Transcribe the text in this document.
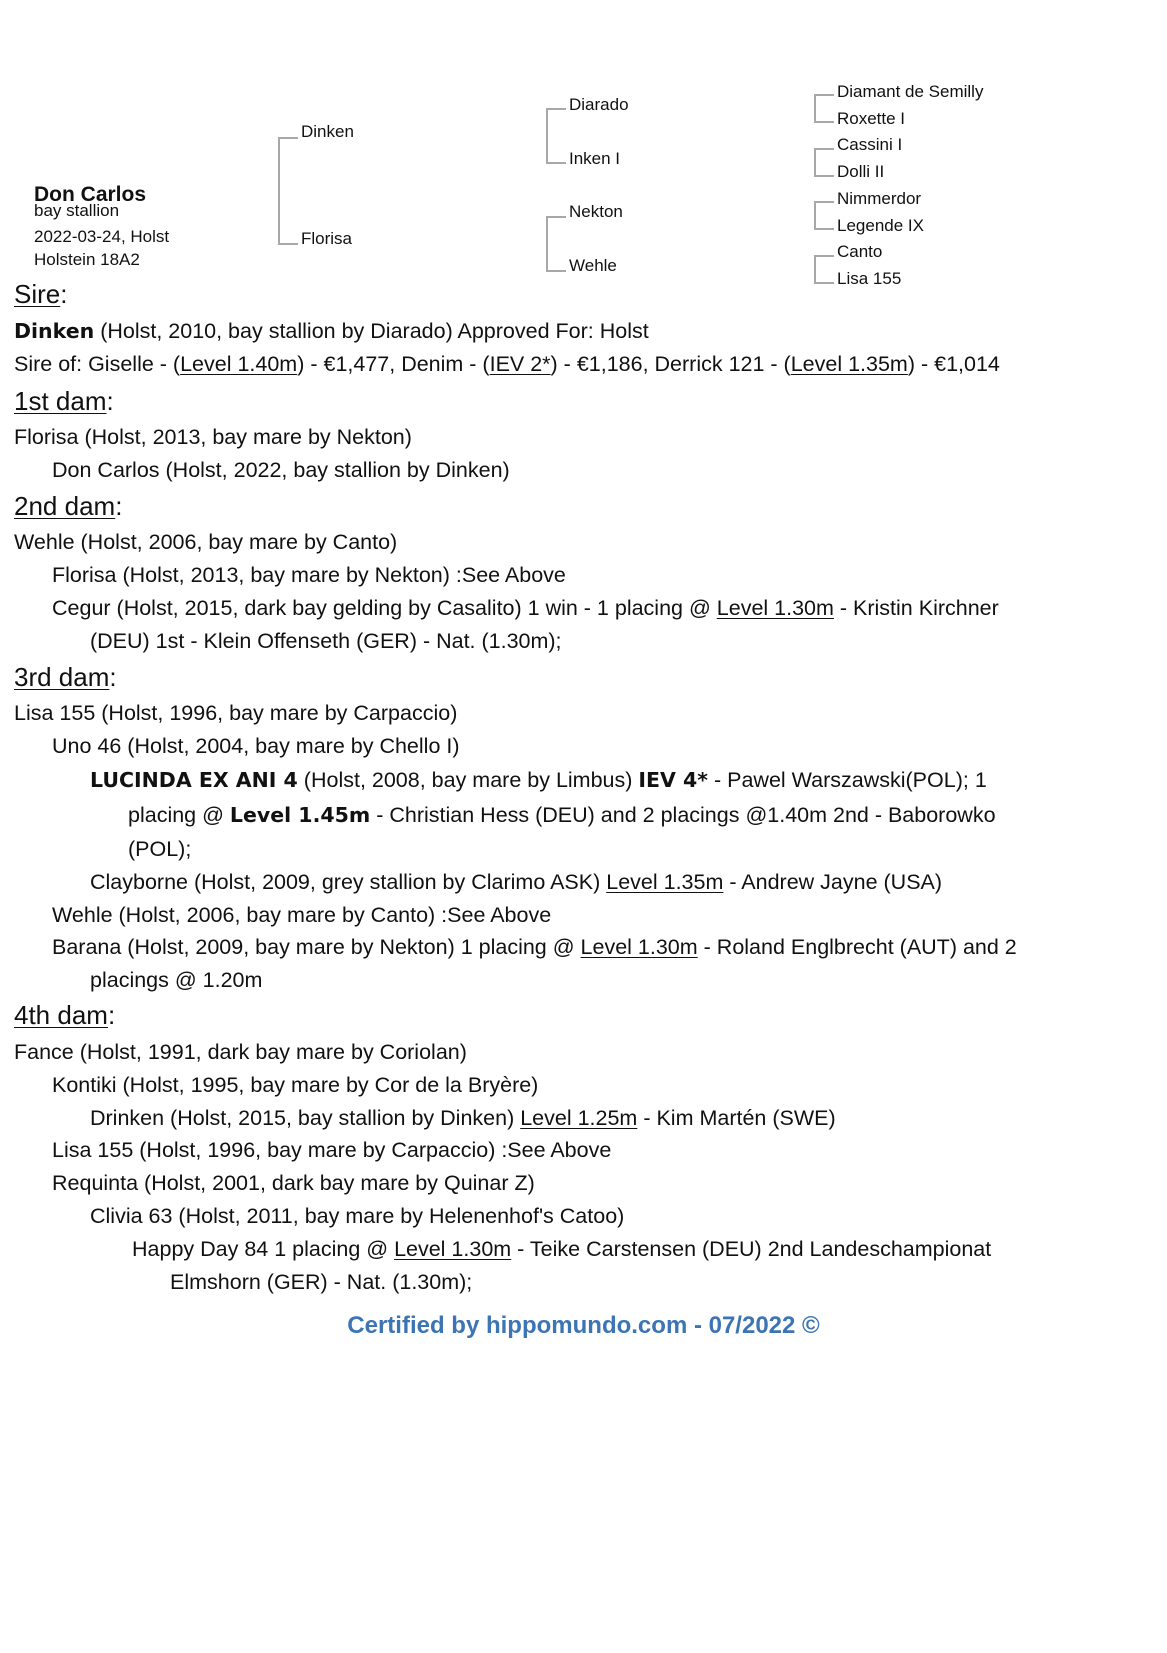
Don Carlos
bay stallion
2022-03-24, Holst
Holstein 18A2
Dinken
Florisa
Diarado
Inken I
Nekton
Wehle
Diamant de Semilly
Roxette I
Cassini I
Dolli II
Nimmerdor
Legende IX
Canto
Lisa 155
Sire:
Dinken (Holst, 2010, bay stallion by Diarado) Approved For: Holst
Sire of: Giselle - (Level 1.40m) - €1,477, Denim - (IEV 2*) - €1,186, Derrick 121 - (Level 1.35m) - €1,014
1st dam:
Florisa (Holst, 2013, bay mare by Nekton)
Don Carlos (Holst, 2022, bay stallion by Dinken)
2nd dam:
Wehle (Holst, 2006, bay mare by Canto)
Florisa (Holst, 2013, bay mare by Nekton) :See Above
Cegur (Holst, 2015, dark bay gelding by Casalito) 1 win - 1 placing @ Level 1.30m - Kristin Kirchner
(DEU) 1st - Klein Offenseth (GER) - Nat. (1.30m);
3rd dam:
Lisa 155 (Holst, 1996, bay mare by Carpaccio)
Uno 46 (Holst, 2004, bay mare by Chello I)
LUCINDA EX ANI 4 (Holst, 2008, bay mare by Limbus) IEV 4* - Pawel Warszawski(POL); 1
placing @ Level 1.45m - Christian Hess (DEU) and 2 placings @1.40m 2nd - Baborowko
(POL);
Clayborne (Holst, 2009, grey stallion by Clarimo ASK) Level 1.35m - Andrew Jayne (USA)
Wehle (Holst, 2006, bay mare by Canto) :See Above
Barana (Holst, 2009, bay mare by Nekton) 1 placing @ Level 1.30m - Roland Englbrecht (AUT) and 2
placings @ 1.20m
4th dam:
Fance (Holst, 1991, dark bay mare by Coriolan)
Kontiki (Holst, 1995, bay mare by Cor de la Bryère)
Drinken (Holst, 2015, bay stallion by Dinken) Level 1.25m - Kim Martén (SWE)
Lisa 155 (Holst, 1996, bay mare by Carpaccio) :See Above
Requinta (Holst, 2001, dark bay mare by Quinar Z)
Clivia 63 (Holst, 2011, bay mare by Helenenhof's Catoo)
Happy Day 84 1 placing @ Level 1.30m - Teike Carstensen (DEU) 2nd Landeschampionat
Elmshorn (GER) - Nat. (1.30m);
Certified by hippomundo.com - 07/2022 ©
